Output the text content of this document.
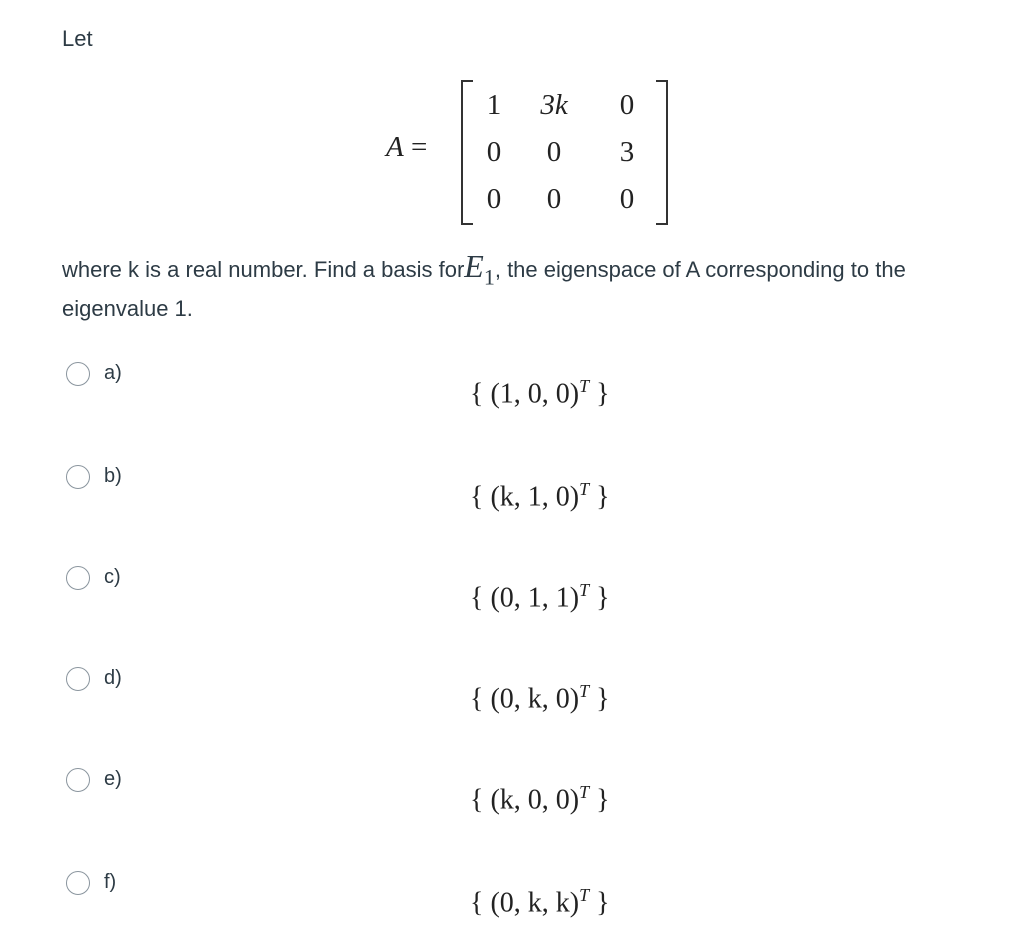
Let

A =
1	3k	0
0	0	3
0	0	0

where k is a real number. Find a basis forE$_1$, the eigenspace of A corresponding to the eigenvalue 1.

a)
{ (1, 0, 0)$^T$ }
b)
{ (k, 1, 0)$^T$ }
c)
{ (0, 1, 1)$^T$ }
d)
{ (0, k, 0)$^T$ }
e)
{ (k, 0, 0)$^T$ }
f)
{ (0, k, k)$^T$ }
